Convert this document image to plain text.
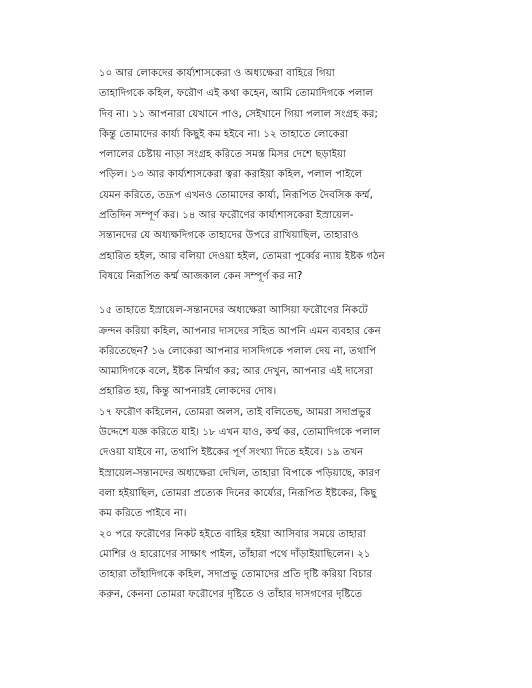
১০ আর লোকদের কার্য্যশাসকেরা ও অধ্যক্ষেরা বাহিরে গিয়া
তাহাদিগকে কহিল, ফরৌণ এই কথা কহেন, আমি তোমাদিগকে পলাল
দিব না। ১১ আপনারা যেখানে পাও, সেইখানে গিয়া পলাল সংগ্রহ কর;
কিন্তু তোমাদের কার্য্য কিছুই কম হইবে না। ১২ তাহাতে লোকেরা
পলালের চেষ্টায় নাড়া সংগ্রহ করিতে সমস্ত মিসর দেশে ছড়াইয়া
পড়িল। ১৩ আর কার্য্যশাসকেরা ত্বরা করাইয়া কহিল, পলাল পাইলে
যেমন করিতে, তদ্রূপ এখনও তোমাদের কার্য্য, নিরূপিত দৈবসিক কর্ম্ম,
প্রতিদিন সম্পূর্ণ কর। ১৪ আর ফরৌণের কার্য্যশাসকেরা ইস্রায়েল-
সন্তানদের যে অধ্যক্ষদিগকে তাহাদের উপরে রাখিয়াছিল, তাহারাও
প্রহারিত হইল, আর বলিয়া দেওয়া হইল, তোমরা পূর্ব্বের ন্যায় ইষ্টক গঠন
বিষয়ে নিরূপিত কর্ম্ম আজকাল কেন সম্পূর্ণ কর না?
১৫ তাহাতে ইস্রায়েল-সন্তানদের অধ্যক্ষেরা আসিয়া ফরৌণের নিকটে
ক্রন্দন করিয়া কহিল, আপনার দাসদের সহিত আপনি এমন ব্যবহার কেন
করিতেছেন? ১৬ লোকেরা আপনার দাসদিগকে পলাল দেয় না, তথাপি
আমাদিগকে বলে, ইষ্টক নির্ম্মাণ কর; আর দেখুন, আপনার এই দাসেরা
প্রহারিত হয়, কিন্তু আপনারই লোকদের দোষ।
১৭ ফরৌণ কহিলেন, তোমরা অলস, তাই বলিতেছ, আমরা সদাপ্রভুর
উদ্দেশে যজ্ঞ করিতে যাই। ১৮ এখন যাও, কর্ম্ম কর, তোমাদিগকে পলাল
দেওয়া যাইবে না, তথাপি ইষ্টকের পূর্ণ সংখ্যা দিতে হইবে। ১৯ তখন
ইস্রায়েল-সন্তানদের অধ্যক্ষেরা দেখিল, তাহারা বিপাকে পড়িয়াছে, কারণ
বলা হইয়াছিল, তোমরা প্রত্যেক দিনের কার্য্যের, নিরূপিত ইষ্টকের, কিছু
কম করিতে পাইবে না।
২০ পরে ফরৌণের নিকট হইতে বাহির হইয়া আসিবার সময়ে তাহারা
মোশির ও হারোণের সাক্ষাৎ পাইল, তাঁহারা পথে দাঁড়াইয়াছিলেন। ২১
তাহারা তাঁহাদিগকে কহিল, সদাপ্রভু তোমাদের প্রতি দৃষ্টি করিয়া বিচার
করুন, কেননা তোমরা ফরৌণের দৃষ্টিতে ও তাঁহার দাসগণের দৃষ্টিতে
